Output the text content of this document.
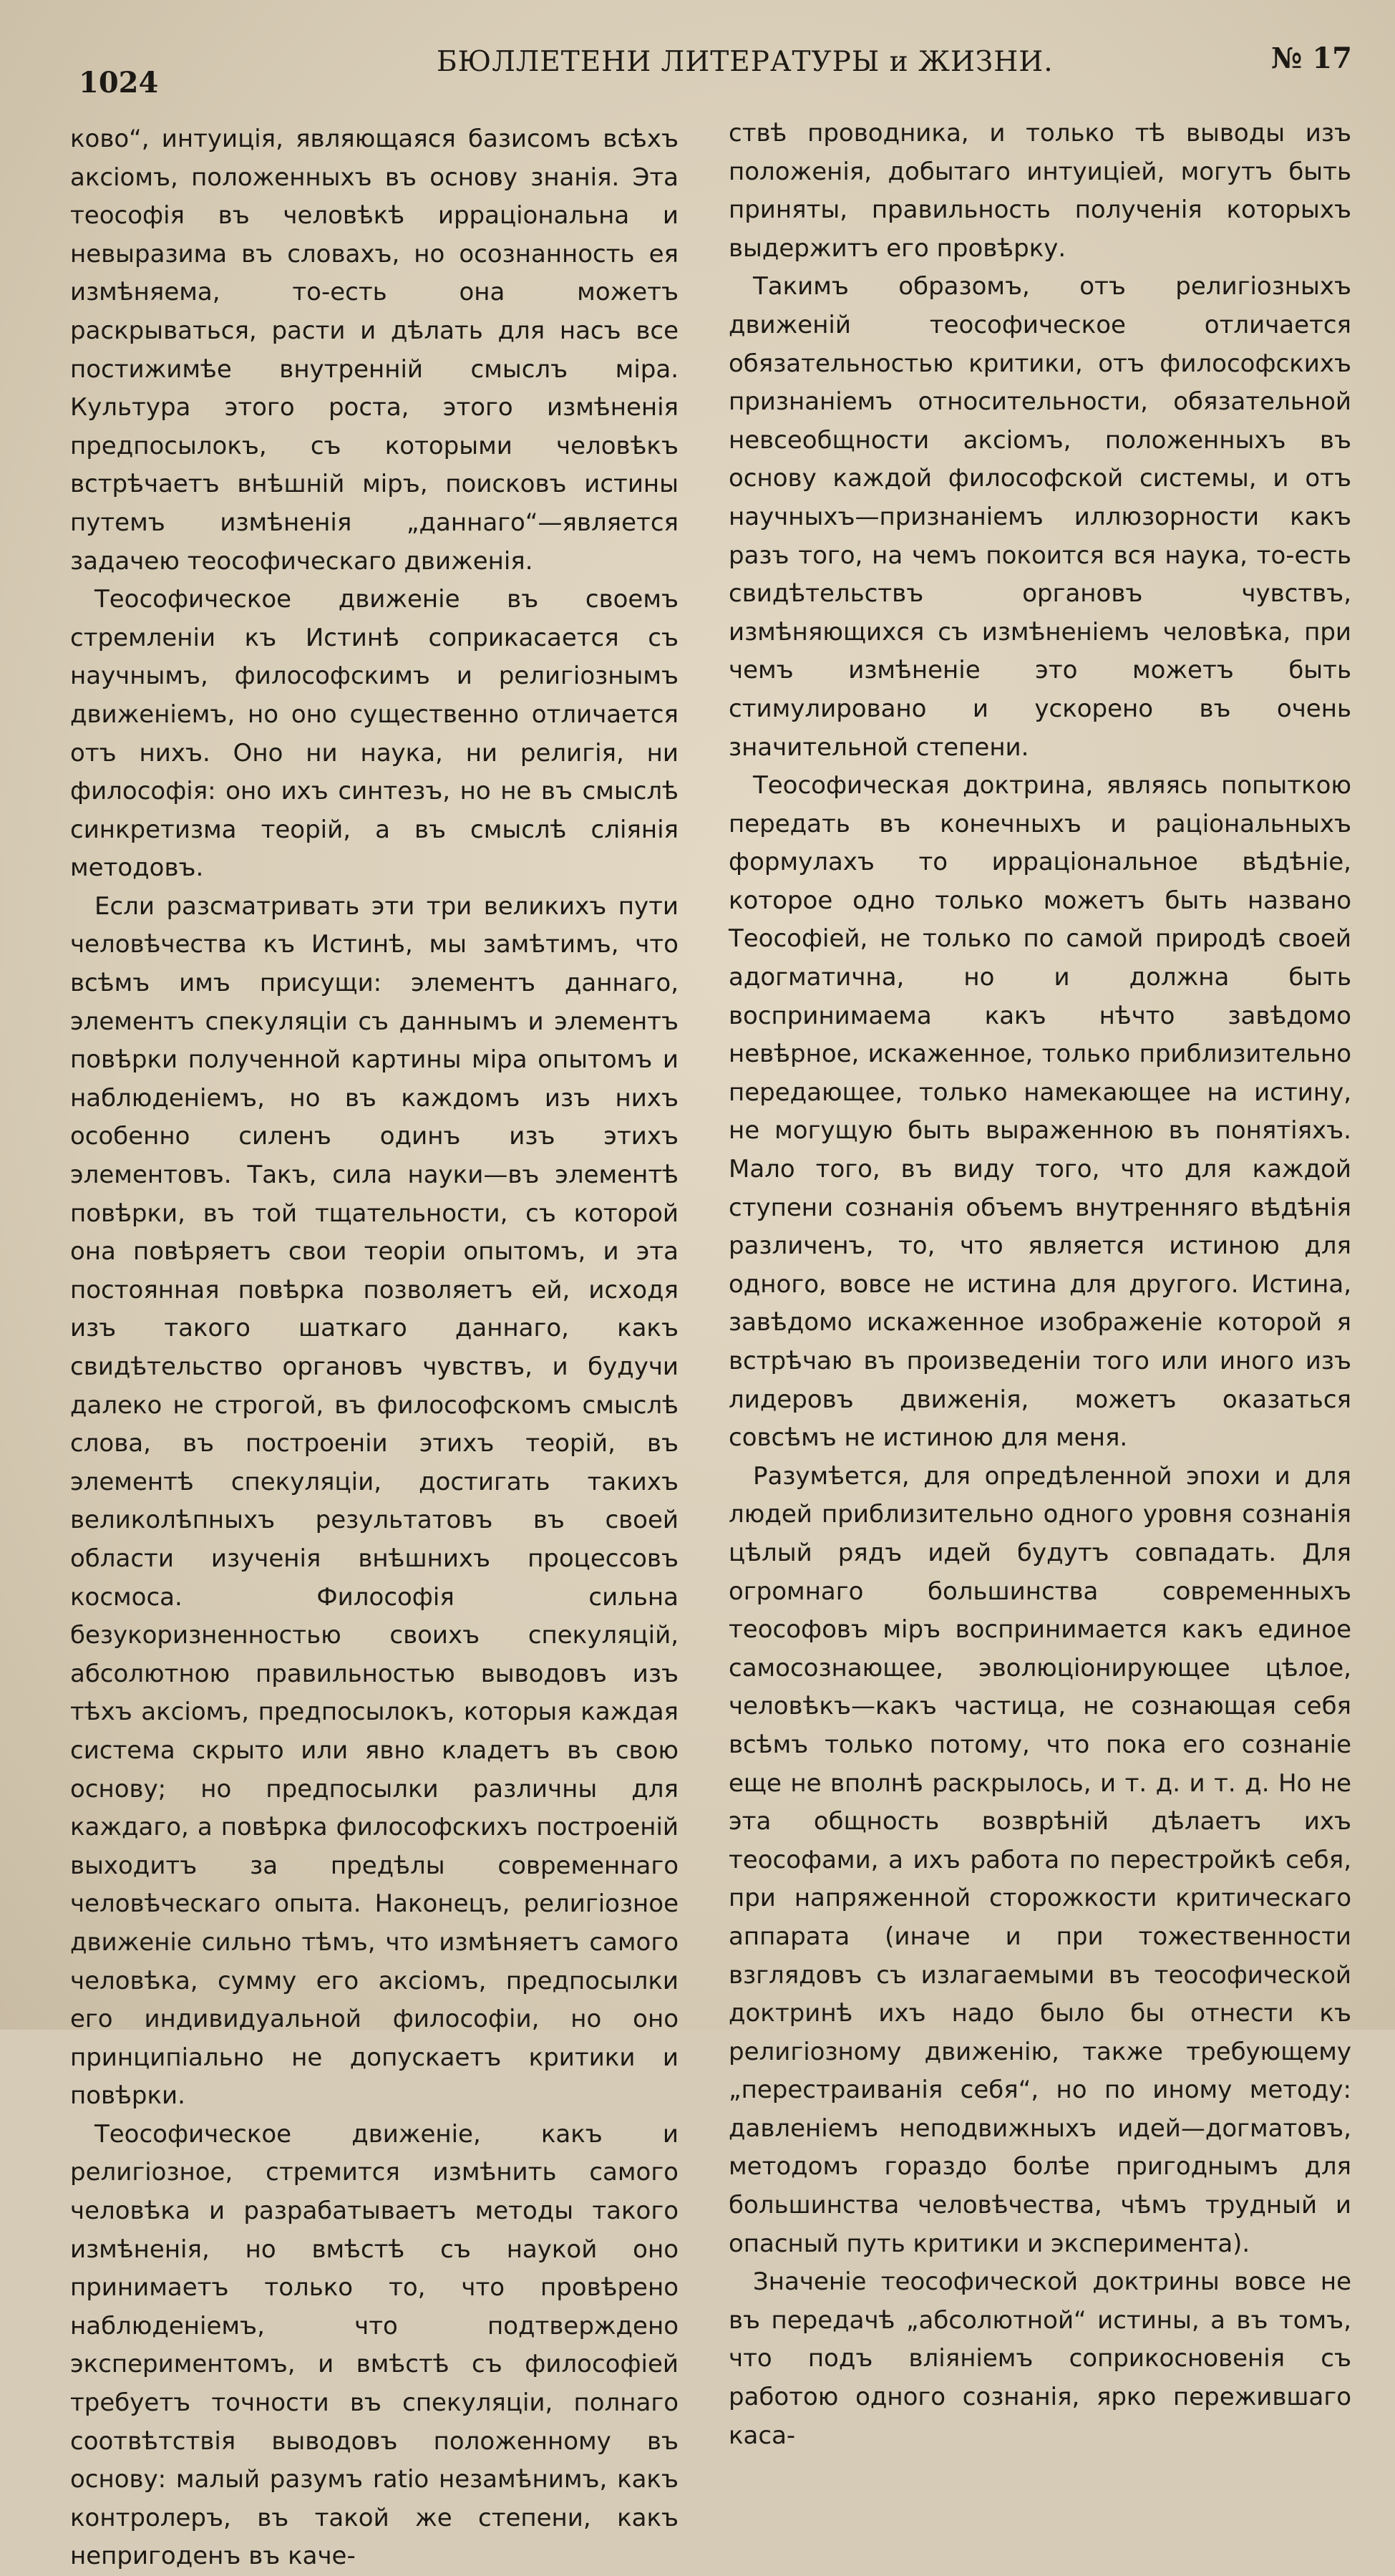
1024
БЮЛЛЕТЕНИ ЛИТЕРАТУРЫ и ЖИЗНИ.	№ 17

ково“, интуиція, являющаяся базисомъ всѣхъ аксіомъ, положенныхъ въ основу знанія. Эта теософія въ человѣкѣ ирраціональна и невыразима въ словахъ, но осознанность ея измѣняема, то-есть она можетъ раскрываться, расти и дѣлать для насъ все постижимѣе внутренній смыслъ міра. Культура этого роста, этого измѣненія предпосылокъ, съ которыми человѣкъ встрѣчаетъ внѣшній міръ, поисковъ истины путемъ измѣненія „даннаго“—является задачею теософическаго движенія.

Теософическое движеніе въ своемъ стремленіи къ Истинѣ соприкасается съ научнымъ, философскимъ и религіознымъ движеніемъ, но оно существенно отличается отъ нихъ. Оно ни наука, ни религія, ни философія: оно ихъ синтезъ, но не въ смыслѣ синкретизма теорій, а въ смыслѣ сліянія методовъ.

Если разсматривать эти три великихъ пути человѣчества къ Истинѣ, мы замѣтимъ, что всѣмъ имъ присущи: элементъ даннаго, элементъ спекуляціи съ даннымъ и элементъ повѣрки полученной картины міра опытомъ и наблюденіемъ, но въ каждомъ изъ нихъ особенно силенъ одинъ изъ этихъ элементовъ. Такъ, сила науки—въ элементѣ повѣрки, въ той тщательности, съ которой она повѣряетъ свои теоріи опытомъ, и эта постоянная повѣрка позволяетъ ей, исходя изъ такого шаткаго даннаго, какъ свидѣтельство органовъ чувствъ, и будучи далеко не строгой, въ философскомъ смыслѣ слова, въ построеніи этихъ теорій, въ элементѣ спекуляціи, достигать такихъ великолѣпныхъ результатовъ въ своей области изученія внѣшнихъ процессовъ космоса. Философія сильна безукоризненностью своихъ спекуляцій, абсолютною правильностью выводовъ изъ тѣхъ аксіомъ, предпосылокъ, которыя каждая система скрыто или явно кладетъ въ свою основу; но предпосылки различны для каждаго, а повѣрка философскихъ построеній выходитъ за предѣлы современнаго человѣческаго опыта. Наконецъ, религіозное движеніе сильно тѣмъ, что измѣняетъ самого человѣка, сумму его аксіомъ, предпосылки его индивидуальной философіи, но оно принципіально не допускаетъ критики и повѣрки.

Теософическое движеніе, какъ и религіозное, стремится измѣнить самого человѣка и разрабатываетъ методы такого измѣненія, но вмѣстѣ съ наукой оно принимаетъ только то, что провѣрено наблюденіемъ, что подтверждено экспериментомъ, и вмѣстѣ съ философіей требуетъ точности въ спекуляціи, полнаго соотвѣтствія выводовъ положенному въ основу: малый разумъ ratio незамѣнимъ, какъ контролеръ, въ такой же степени, какъ непригоденъ въ каче-

ствѣ проводника, и только тѣ выводы изъ положенія, добытаго интуиціей, могутъ быть приняты, правильность полученія которыхъ выдержитъ его провѣрку.

Такимъ образомъ, отъ религіозныхъ движеній теософическое отличается обязательностью критики, отъ философскихъ признаніемъ относительности, обязательной невсеобщности аксіомъ, положенныхъ въ основу каждой философской системы, и отъ научныхъ—признаніемъ иллюзорности какъ разъ того, на чемъ покоится вся наука, то-есть свидѣтельствъ органовъ чувствъ, измѣняющихся съ измѣненіемъ человѣка, при чемъ измѣненіе это можетъ быть стимулировано и ускорено въ очень значительной степени.

Теософическая доктрина, являясь попыткою передать въ конечныхъ и раціональныхъ формулахъ то ирраціональное вѣдѣніе, которое одно только можетъ быть названо Теософіей, не только по самой природѣ своей адогматична, но и должна быть воспринимаема какъ нѣчто завѣдомо невѣрное, искаженное, только приблизительно передающее, только намекающее на истину, не могущую быть выраженною въ понятіяхъ. Мало того, въ виду того, что для каждой ступени сознанія объемъ внутренняго вѣдѣнія различенъ, то, что является истиною для одного, вовсе не истина для другого. Истина, завѣдомо искаженное изображеніе которой я встрѣчаю въ произведеніи того или иного изъ лидеровъ движенія, можетъ оказаться совсѣмъ не истиною для меня.

Разумѣется, для опредѣленной эпохи и для людей приблизительно одного уровня сознанія цѣлый рядъ идей будутъ совпадать. Для огромнаго большинства современныхъ теософовъ міръ воспринимается какъ единое самосознающее, эволюціонирующее цѣлое, человѣкъ—какъ частица, не сознающая себя всѣмъ только потому, что пока его сознаніе еще не вполнѣ раскрылось, и т. д. и т. д. Но не эта общность возврѣній дѣлаетъ ихъ теософами, а ихъ работа по перестройкѣ себя, при напряженной сторожкости критическаго аппарата (иначе и при тожественности взглядовъ съ излагаемыми въ теософической доктринѣ ихъ надо было бы отнести къ религіозному движенію, также требующему „перестраиванія себя“, но по иному методу: давленіемъ неподвижныхъ идей—догматовъ, методомъ гораздо болѣе пригоднымъ для большинства человѣчества, чѣмъ трудный и опасный путь критики и эксперимента).

Значеніе теософической доктрины вовсе не въ передачѣ „абсолютной“ истины, а въ томъ, что подъ вліяніемъ соприкосновенія съ работою одного сознанія, ярко пережившаго каса-
